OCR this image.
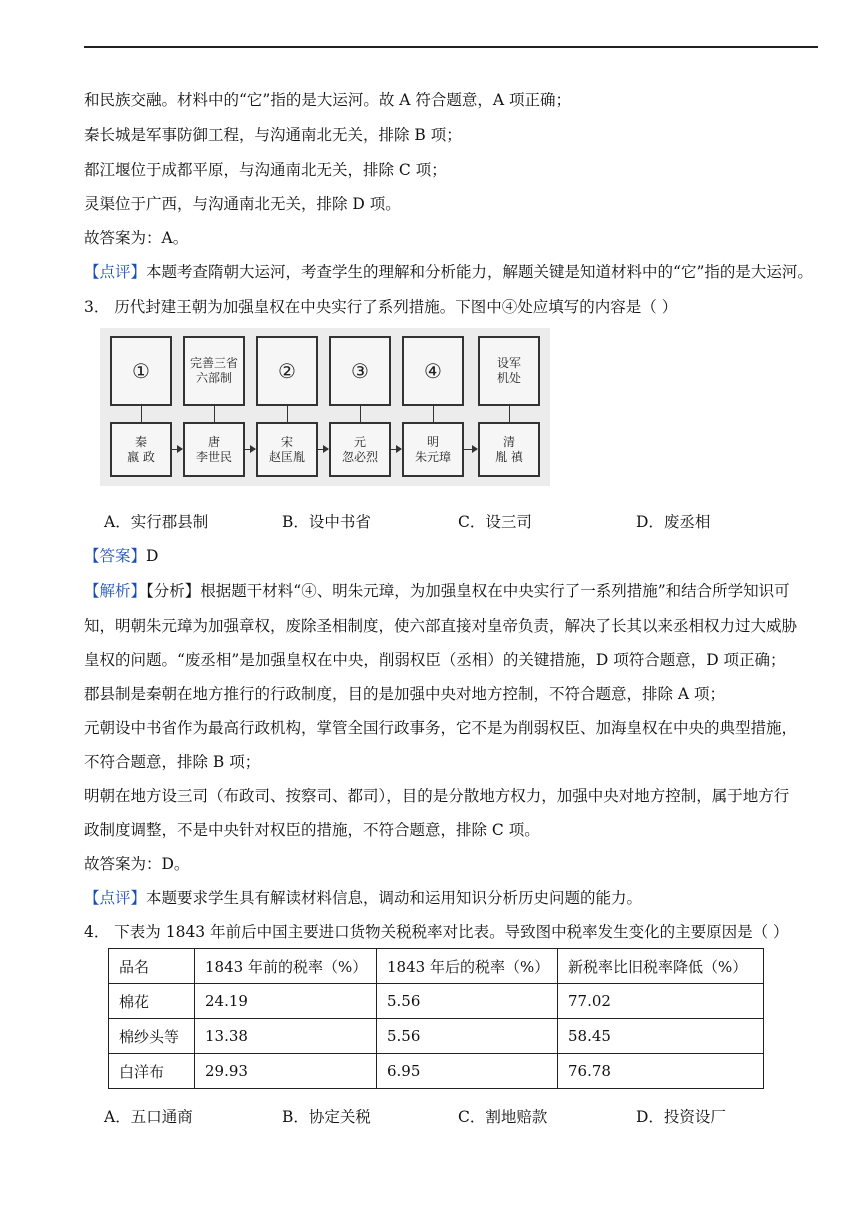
和民族交融。材料中的“它”指的是大运河。故 A 符合题意，A 项正确；
秦长城是军事防御工程，与沟通南北无关，排除 B 项；
都江堰位于成都平原，与沟通南北无关，排除 C 项；
灵渠位于广西，与沟通南北无关，排除 D 项。
故答案为：A。
【点评】本题考查隋朝大运河，考查学生的理解和分析能力，解题关键是知道材料中的“它”指的是大运河。
3． 历代封建王朝为加强皇权在中央实行了系列措施。下图中④处应填写的内容是（ ）
①	完善三省
六部制	②	③	④	设军
机处
秦
嬴 政
唐
李世民
宋
赵匡胤
元
忽必烈
明
朱元璋
清
胤 禛
A．实行郡县制	B．设中书省	C．设三司	D．废丞相
【答案】D
【解析】【分析】根据题干材料“④、明朱元璋，为加强皇权在中央实行了一系列措施”和结合所学知识可
知，明朝朱元璋为加强章权，废除圣相制度，使六部直接对皇帝负责，解决了长其以来丞相权力过大威胁
皇权的问题。“废丞相”是加强皇权在中央，削弱权臣（丞相）的关键措施，D 项符合题意，D 项正确；
郡县制是秦朝在地方推行的行政制度，目的是加强中央对地方控制，不符合题意，排除 A 项；
元朝设中书省作为最高行政机构，掌管全国行政事务，它不是为削弱权臣、加海皇权在中央的典型措施，
不符合题意，排除 B 项；
明朝在地方设三司（布政司、按察司、都司），目的是分散地方权力，加强中央对地方控制，属于地方行
政制度调整，不是中央针对权臣的措施，不符合题意，排除 C 项。
故答案为：D。
【点评】本题要求学生具有解读材料信息，调动和运用知识分析历史问题的能力。
4． 下表为 1843 年前后中国主要进口货物关税税率对比表。导致图中税率发生变化的主要原因是（ ）
品名	1843 年前的税率（%）	1843 年后的税率（%）	新税率比旧税率降低（%）
棉花	24.19	5.56	77.02
棉纱头等	13.38	5.56	58.45
白洋布	29.93	6.95	76.78
A．五口通商	B．协定关税	C．割地赔款	D．投资设厂
